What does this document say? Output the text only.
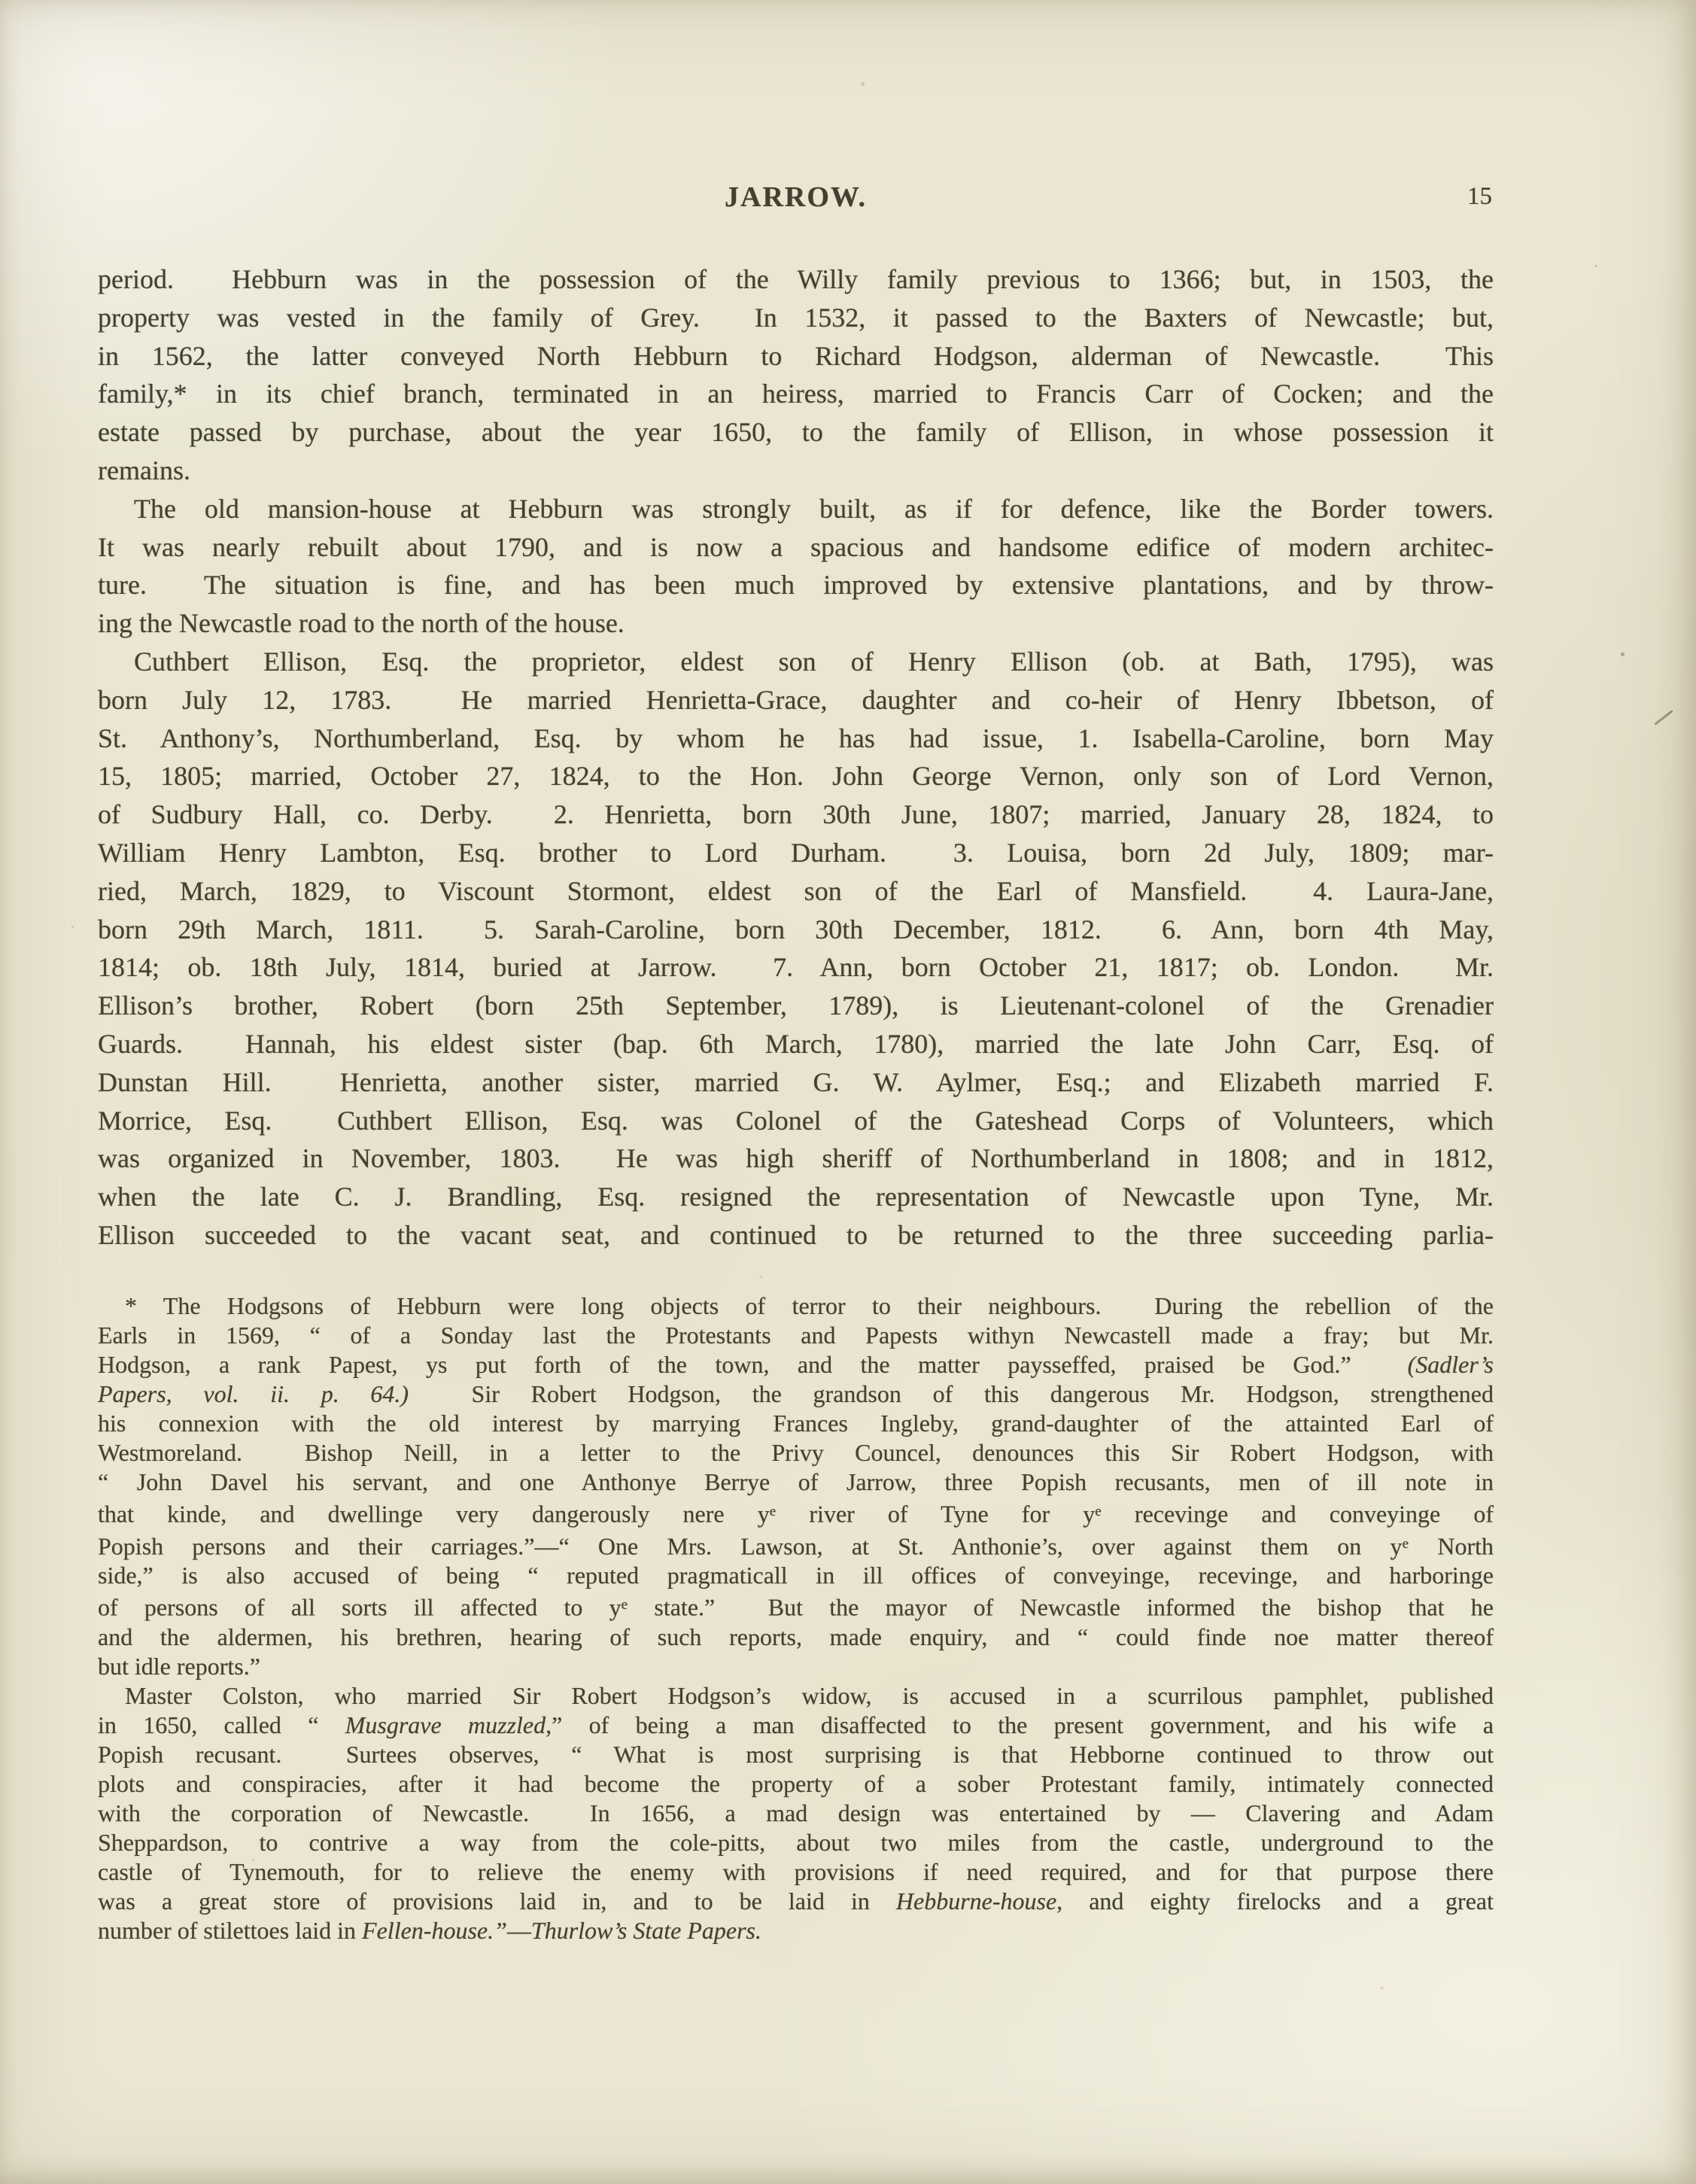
JARROW.	15
period.  Hebburn was in the possession of the Willy family previous to 1366; but, in 1503, the
property was vested in the family of Grey.  In 1532, it passed to the Baxters of Newcastle; but,
in 1562, the latter conveyed North Hebburn to Richard Hodgson, alderman of Newcastle.  This
family,* in its chief branch, terminated in an heiress, married to Francis Carr of Cocken; and the
estate passed by purchase, about the year 1650, to the family of Ellison, in whose possession it
remains.
The old mansion-house at Hebburn was strongly built, as if for defence, like the Border towers.
It was nearly rebuilt about 1790, and is now a spacious and handsome edifice of modern architec-
ture.  The situation is fine, and has been much improved by extensive plantations, and by throw-
ing the Newcastle road to the north of the house.
Cuthbert Ellison, Esq. the proprietor, eldest son of Henry Ellison (ob. at Bath, 1795), was
born July 12, 1783.  He married Henrietta-Grace, daughter and co-heir of Henry Ibbetson, of
St. Anthony’s, Northumberland, Esq. by whom he has had issue, 1. Isabella-Caroline, born May
15, 1805; married, October 27, 1824, to the Hon. John George Vernon, only son of Lord Vernon,
of Sudbury Hall, co. Derby.  2. Henrietta, born 30th June, 1807; married, January 28, 1824, to
William Henry Lambton, Esq. brother to Lord Durham.  3. Louisa, born 2d July, 1809; mar-
ried, March, 1829, to Viscount Stormont, eldest son of the Earl of Mansfield.  4. Laura-Jane,
born 29th March, 1811.  5. Sarah-Caroline, born 30th December, 1812.  6. Ann, born 4th May,
1814; ob. 18th July, 1814, buried at Jarrow.  7. Ann, born October 21, 1817; ob. London.  Mr.
Ellison’s brother, Robert (born 25th September, 1789), is Lieutenant-colonel of the Grenadier
Guards.  Hannah, his eldest sister (bap. 6th March, 1780), married the late John Carr, Esq. of
Dunstan Hill.  Henrietta, another sister, married G. W. Aylmer, Esq.; and Elizabeth married F.
Morrice, Esq.  Cuthbert Ellison, Esq. was Colonel of the Gateshead Corps of Volunteers, which
was organized in November, 1803.  He was high sheriff of Northumberland in 1808; and in 1812,
when the late C. J. Brandling, Esq. resigned the representation of Newcastle upon Tyne, Mr.
Ellison succeeded to the vacant seat, and continued to be returned to the three succeeding parlia-
* The Hodgsons of Hebburn were long objects of terror to their neighbours.  During the rebellion of the
Earls in 1569, “ of a Sonday last the Protestants and Papests withyn Newcastell made a fray; but Mr.
Hodgson, a rank Papest, ys put forth of the town, and the matter paysseffed, praised be God.”  (Sadler’s
Papers, vol. ii. p. 64.)  Sir Robert Hodgson, the grandson of this dangerous Mr. Hodgson, strengthened
his connexion with the old interest by marrying Frances Ingleby, grand-daughter of the attainted Earl of
Westmoreland.  Bishop Neill, in a letter to the Privy Councel, denounces this Sir Robert Hodgson, with
“ John Davel his servant, and one Anthonye Berrye of Jarrow, three Popish recusants, men of ill note in
that kinde, and dwellinge very dangerously nere $y^e$ river of Tyne for $y^e$ recevinge and conveyinge of
Popish persons and their carriages.”—“ One Mrs. Lawson, at St. Anthonie’s, over against them on $y^e$ North
side,” is also accused of being “ reputed pragmaticall in ill offices of conveyinge, recevinge, and harboringe
of persons of all sorts ill affected to $y^e$ state.”  But the mayor of Newcastle informed the bishop that he
and the aldermen, his brethren, hearing of such reports, made enquiry, and “ could finde noe matter thereof
but idle reports.”
Master Colston, who married Sir Robert Hodgson’s widow, is accused in a scurrilous pamphlet, published
in 1650, called “ Musgrave muzzled,” of being a man disaffected to the present government, and his wife a
Popish recusant.  Surtees observes, “ What is most surprising is that Hebborne continued to throw out
plots and conspiracies, after it had become the property of a sober Protestant family, intimately connected
with the corporation of Newcastle.  In 1656, a mad design was entertained by — Clavering and Adam
Sheppardson, to contrive a way from the cole-pitts, about two miles from the castle, underground to the
castle of Tynemouth, for to relieve the enemy with provisions if need required, and for that purpose there
was a great store of provisions laid in, and to be laid in Hebburne-house, and eighty firelocks and a great
number of stilettoes laid in Fellen-house.”—Thurlow’s State Papers.
